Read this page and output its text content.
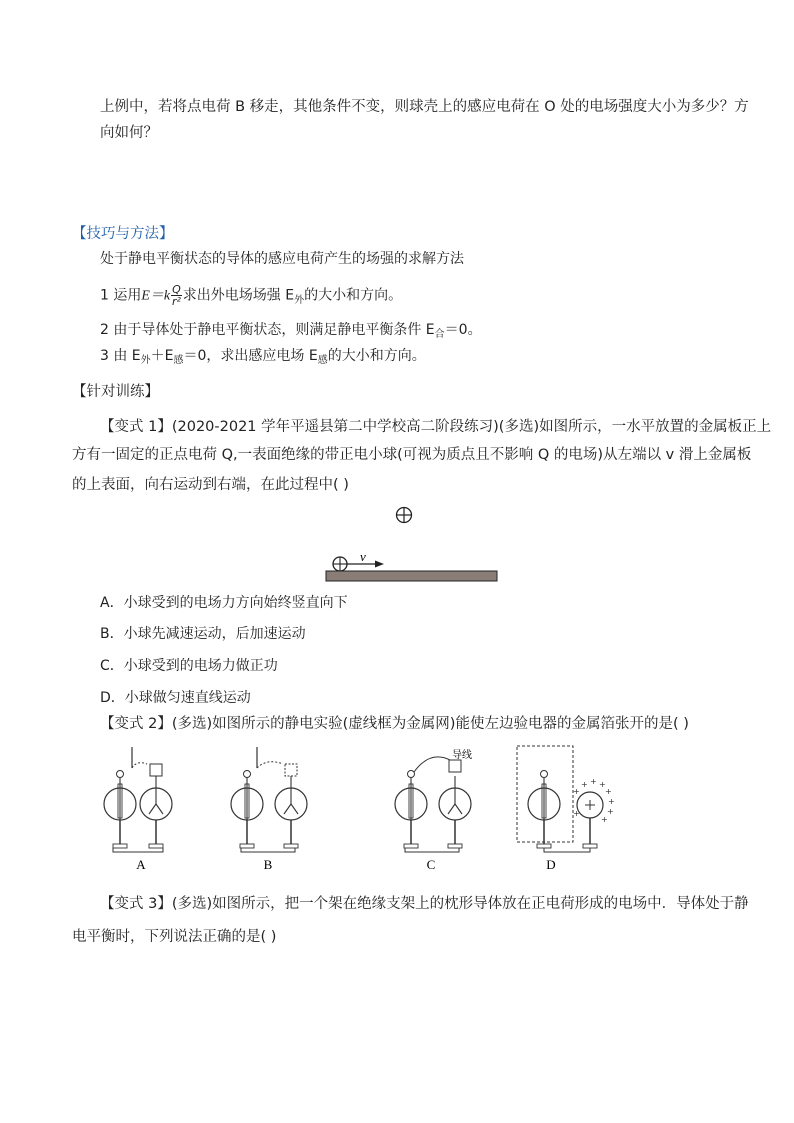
上例中，若将点电荷 B 移走，其他条件不变，则球壳上的感应电荷在 O 处的电场强度大小为多少？方
向如何？
【技巧与方法】
处于静电平衡状态的导体的感应电荷产生的场强的求解方法
1 运用$E=k \frac{Q}{\text{r²}}$ 求出外电场场强 $E_外$的大小和方向。
2 由于导体处于静电平衡状态，则满足静电平衡条件 $E_合=0$。
3 由 $E_外+E_感=0$，求出感应电场 $E_感$的大小和方向。
【针对训练】
【变式 1】(2020-2021 学年平遥县第二中学校高二阶段练习)(多选)如图所示，一水平放置的金属板正上
方有一固定的正点电荷 Q,一表面绝缘的带正电小球(可视为质点且不影响 Q 的电场)从左端以 v 滑上金属板
的上表面，向右运动到右端，在此过程中( )
v
A．小球受到的电场力方向始终竖直向下
B．小球先减速运动，后加速运动
C．小球受到的电场力做正功
D．小球做匀速直线运动
【变式 2】(多选)如图所示的静电实验(虚线框为金属网)能使左边验电器的金属箔张开的是( )
A	B
导线
C
+
+ + +
+
+
+
+
+
D
【变式 3】(多选)如图所示，把一个架在绝缘支架上的枕形导体放在正电荷形成的电场中．导体处于静
电平衡时，下列说法正确的是( )
